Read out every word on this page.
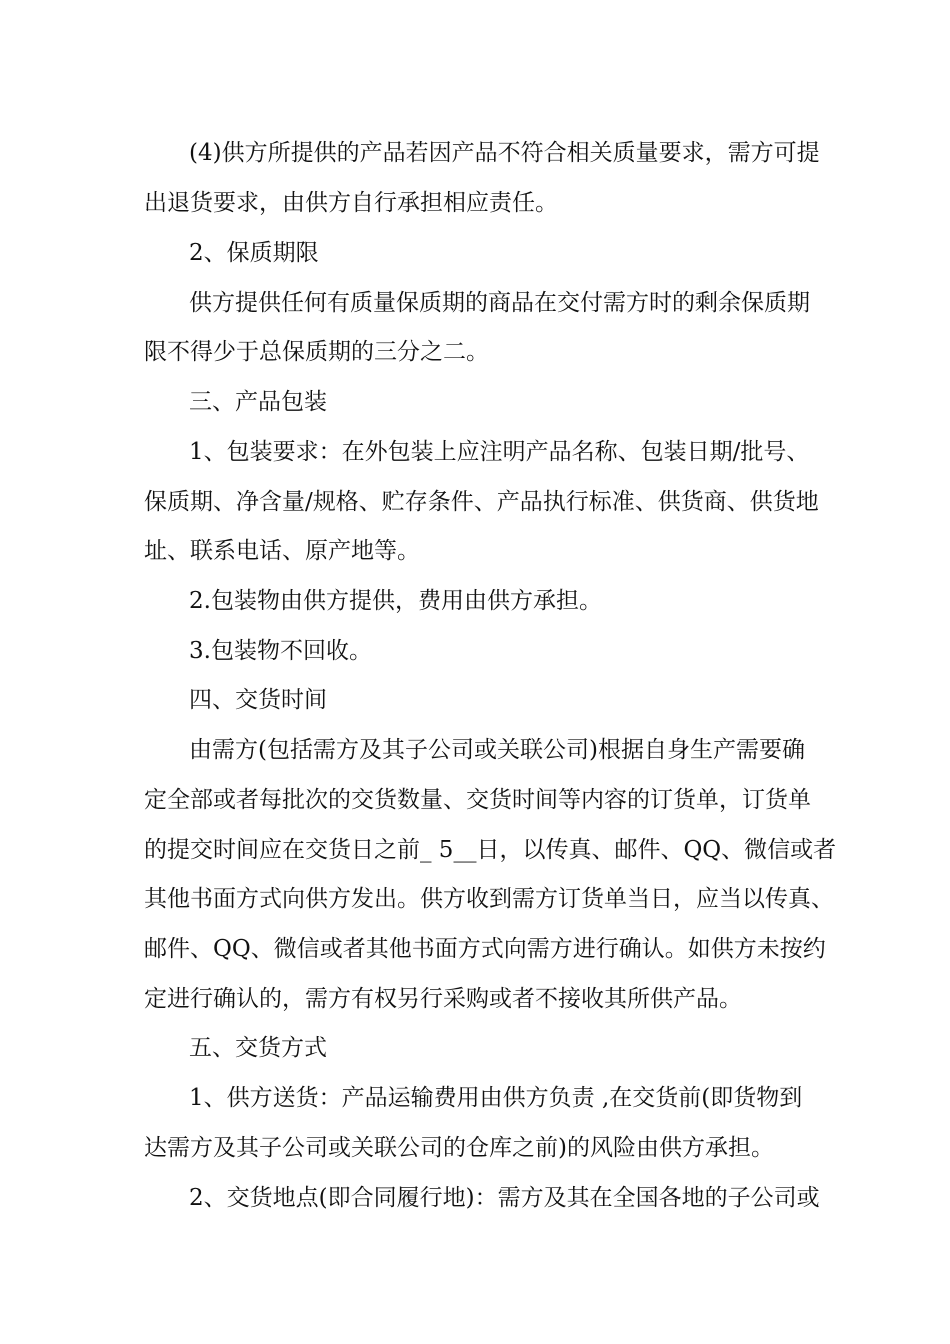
(4)供方所提供的产品若因产品不符合相关质量要求，需方可提
出退货要求，由供方自行承担相应责任。
2、保质期限
供方提供任何有质量保质期的商品在交付需方时的剩余保质期
限不得少于总保质期的三分之二。
三、产品包装
1、包装要求：在外包装上应注明产品名称、包装日期/批号、
保质期、净含量/规格、贮存条件、产品执行标准、供货商、供货地
址、联系电话、原产地等。
2.包装物由供方提供，费用由供方承担。
3.包装物不回收。
四、交货时间
由需方(包括需方及其子公司或关联公司)根据自身生产需要确
定全部或者每批次的交货数量、交货时间等内容的订货单，订货单
的提交时间应在交货日之前_ 5__日，以传真、邮件、QQ、微信或者
其他书面方式向供方发出。供方收到需方订货单当日，应当以传真、
邮件、QQ、微信或者其他书面方式向需方进行确认。如供方未按约
定进行确认的，需方有权另行采购或者不接收其所供产品。
五、交货方式
1、供方送货：产品运输费用由供方负责 ,在交货前(即货物到
达需方及其子公司或关联公司的仓库之前)的风险由供方承担。
2、交货地点(即合同履行地)：需方及其在全国各地的子公司或
